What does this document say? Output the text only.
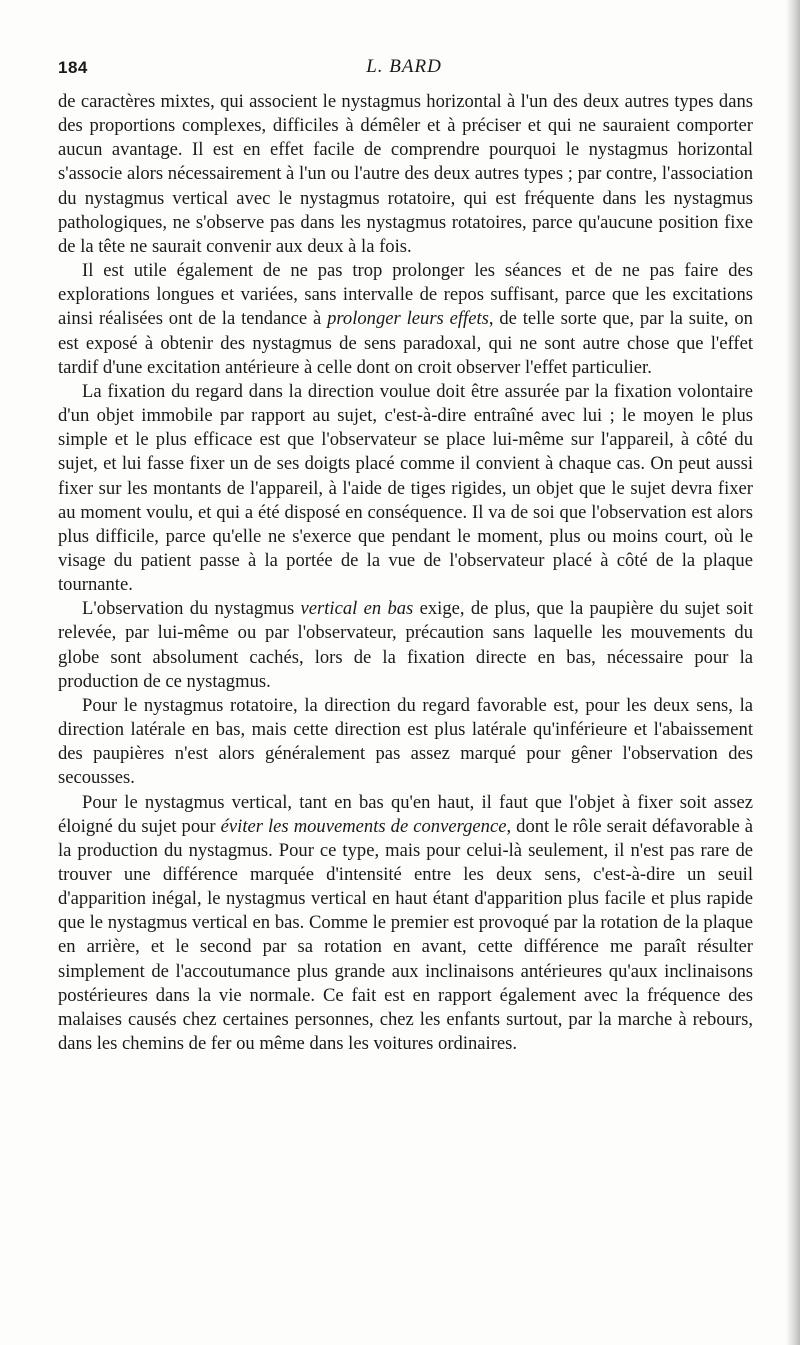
184	L. BARD

de caractères mixtes, qui associent le nystagmus horizontal à l'un des deux autres types dans des proportions complexes, difficiles à démêler et à préciser et qui ne sauraient comporter aucun avantage. Il est en effet facile de comprendre pourquoi le nystagmus horizontal s'associe alors nécessairement à l'un ou l'autre des deux autres types ; par contre, l'association du nystagmus vertical avec le nystagmus rotatoire, qui est fréquente dans les nystagmus pathologiques, ne s'observe pas dans les nystagmus rotatoires, parce qu'aucune position fixe de la tête ne saurait convenir aux deux à la fois.

Il est utile également de ne pas trop prolonger les séances et de ne pas faire des explorations longues et variées, sans intervalle de repos suffisant, parce que les excitations ainsi réalisées ont de la tendance à prolonger leurs effets, de telle sorte que, par la suite, on est exposé à obtenir des nystagmus de sens paradoxal, qui ne sont autre chose que l'effet tardif d'une excitation antérieure à celle dont on croit observer l'effet particulier.

La fixation du regard dans la direction voulue doit être assurée par la fixation volontaire d'un objet immobile par rapport au sujet, c'est-à-dire entraîné avec lui ; le moyen le plus simple et le plus efficace est que l'observateur se place lui-même sur l'appareil, à côté du sujet, et lui fasse fixer un de ses doigts placé comme il convient à chaque cas. On peut aussi fixer sur les montants de l'appareil, à l'aide de tiges rigides, un objet que le sujet devra fixer au moment voulu, et qui a été disposé en conséquence. Il va de soi que l'observation est alors plus difficile, parce qu'elle ne s'exerce que pendant le moment, plus ou moins court, où le visage du patient passe à la portée de la vue de l'observateur placé à côté de la plaque tournante.

L'observation du nystagmus vertical en bas exige, de plus, que la paupière du sujet soit relevée, par lui-même ou par l'observateur, précaution sans laquelle les mouvements du globe sont absolument cachés, lors de la fixation directe en bas, nécessaire pour la production de ce nystagmus.

Pour le nystagmus rotatoire, la direction du regard favorable est, pour les deux sens, la direction latérale en bas, mais cette direction est plus latérale qu'inférieure et l'abaissement des paupières n'est alors généralement pas assez marqué pour gêner l'observation des secousses.

Pour le nystagmus vertical, tant en bas qu'en haut, il faut que l'objet à fixer soit assez éloigné du sujet pour éviter les mouvements de convergence, dont le rôle serait défavorable à la production du nystagmus. Pour ce type, mais pour celui-là seulement, il n'est pas rare de trouver une différence marquée d'intensité entre les deux sens, c'est-à-dire un seuil d'apparition inégal, le nystagmus vertical en haut étant d'apparition plus facile et plus rapide que le nystagmus vertical en bas. Comme le premier est provoqué par la rotation de la plaque en arrière, et le second par sa rotation en avant, cette différence me paraît résulter simplement de l'accoutumance plus grande aux inclinaisons antérieures qu'aux inclinaisons postérieures dans la vie normale. Ce fait est en rapport également avec la fréquence des malaises causés chez certaines personnes, chez les enfants surtout, par la marche à rebours, dans les chemins de fer ou même dans les voitures ordinaires.
